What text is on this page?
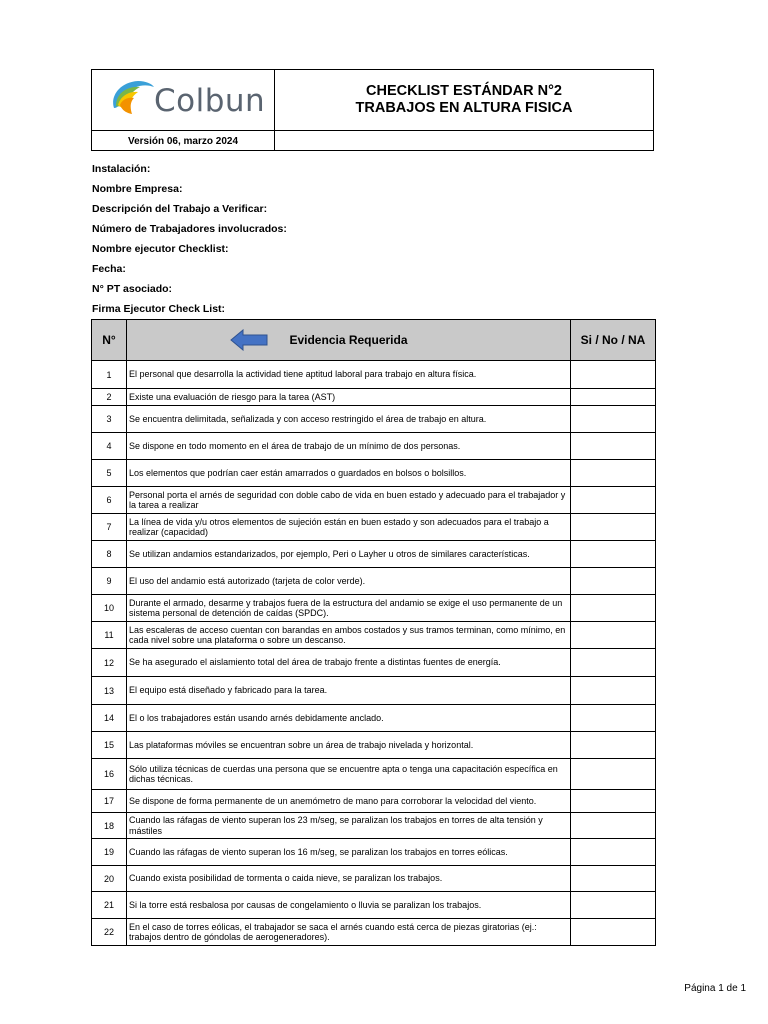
Colbun	CHECKLIST ESTÁNDAR N°2
TRABAJOS EN ALTURA FISICA
Versión 06, marzo 2024
Instalación:
Nombre Empresa:
Descripción del Trabajo a Verificar:
Número de Trabajadores involucrados:
Nombre ejecutor Checklist:
Fecha:
N° PT asociado:
Firma Ejecutor Check List:
N°	Evidencia Requerida	Si / No / NA
1	El personal que desarrolla la actividad tiene aptitud laboral para trabajo en altura física.	
2	Existe una evaluación de riesgo para la tarea (AST)	
3	Se encuentra delimitada, señalizada y con acceso restringido el área de trabajo en altura.	
4	Se dispone en todo momento en el área de trabajo de un mínimo de dos personas.	
5	Los elementos que podrían caer están amarrados o guardados en bolsos o bolsillos.	
6	Personal porta el arnés de seguridad con doble cabo de vida en buen estado y adecuado para el trabajador y la tarea a realizar	
7	La línea de vida y/u otros elementos de sujeción están en buen estado y son adecuados para el trabajo a realizar (capacidad)	
8	Se utilizan andamios estandarizados, por ejemplo, Peri o Layher u otros de similares características.	
9	El uso del andamio está autorizado (tarjeta de color verde).	
10	Durante el armado, desarme y trabajos fuera de la estructura del andamio se exige el uso permanente de un sistema personal de detención de caídas (SPDC).	
11	Las escaleras de acceso cuentan con barandas en ambos costados y sus tramos terminan, como mínimo, en cada nivel sobre una plataforma o sobre un descanso.	
12	Se ha asegurado el aislamiento total del área de trabajo frente a distintas fuentes de energía.	
13	El equipo está diseñado y fabricado para la tarea.	
14	El o los trabajadores están usando arnés debidamente anclado.	
15	Las plataformas móviles se encuentran sobre un área de trabajo nivelada y horizontal.	
16	Sólo utiliza técnicas de cuerdas una persona que se encuentre apta o tenga una capacitación específica en dichas técnicas.	
17	Se dispone de forma permanente de un anemómetro de mano para corroborar la velocidad del viento.	
18	Cuando las ráfagas de viento superan los 23 m/seg, se paralizan los trabajos en torres de alta tensión y mástiles	
19	Cuando las ráfagas de viento superan los 16 m/seg, se paralizan los trabajos en torres eólicas.	
20	Cuando exista posibilidad de tormenta o caida nieve, se paralizan los trabajos.	
21	Si la torre está resbalosa por causas de congelamiento o lluvia se paralizan los trabajos.	
22	En el caso de torres eólicas, el trabajador se saca el arnés cuando está cerca de piezas giratorias (ej.: trabajos dentro de góndolas de aerogeneradores).	
Página 1 de 1
